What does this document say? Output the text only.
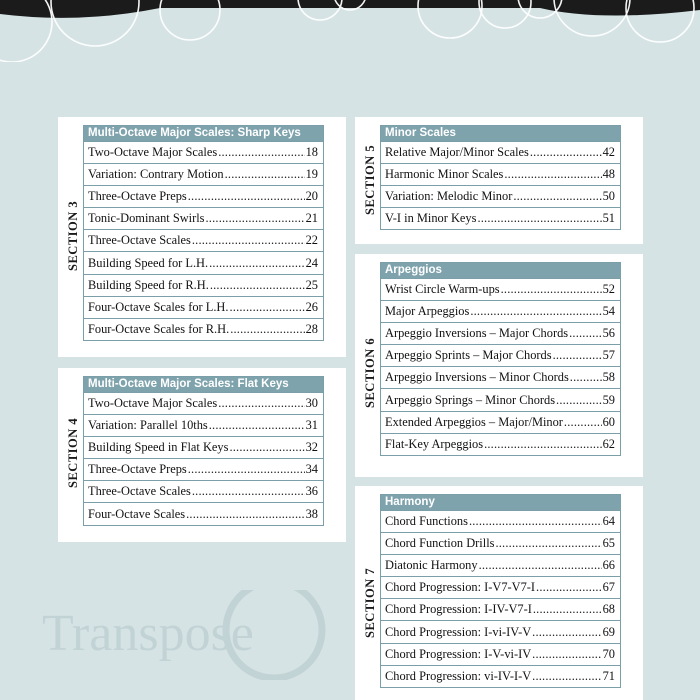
SECTION 3
Multi-Octave Major Scales: Sharp Keys
Two-Octave Major Scales .....	18
Variation: Contrary Motion .....	19
Three-Octave Preps .....	20
Tonic-Dominant Swirls .....	21
Three-Octave Scales .....	22
Building Speed for L.H. .....	24
Building Speed for R.H. .....	25
Four-Octave Scales for L.H. .....	26
Four-Octave Scales for R.H. .....	28
SECTION 4
Multi-Octave Major Scales: Flat Keys
Two-Octave Major Scales .....	30
Variation: Parallel 10ths .....	31
Building Speed in Flat Keys .....	32
Three-Octave Preps .....	34
Three-Octave Scales .....	36
Four-Octave Scales .....	38
SECTION 5
Minor Scales
Relative Major/Minor Scales .....	42
Harmonic Minor Scales .....	48
Variation: Melodic Minor .....	50
V-I in Minor Keys .....	51
SECTION 6
Arpeggios
Wrist Circle Warm-ups .....	52
Major Arpeggios .....	54
Arpeggio Inversions – Major Chords .....	56
Arpeggio Sprints – Major Chords .....	57
Arpeggio Inversions – Minor Chords .....	58
Arpeggio Springs – Minor Chords .....	59
Extended Arpeggios – Major/Minor .....	60
Flat-Key Arpeggios .....	62
SECTION 7
Harmony
Chord Functions .....	64
Chord Function Drills .....	65
Diatonic Harmony .....	66
Chord Progression: I-V7-V7-I .....	67
Chord Progression: I-IV-V7-I .....	68
Chord Progression: I-vi-IV-V .....	69
Chord Progression: I-V-vi-IV .....	70
Chord Progression: vi-IV-I-V .....	71
Transpose
